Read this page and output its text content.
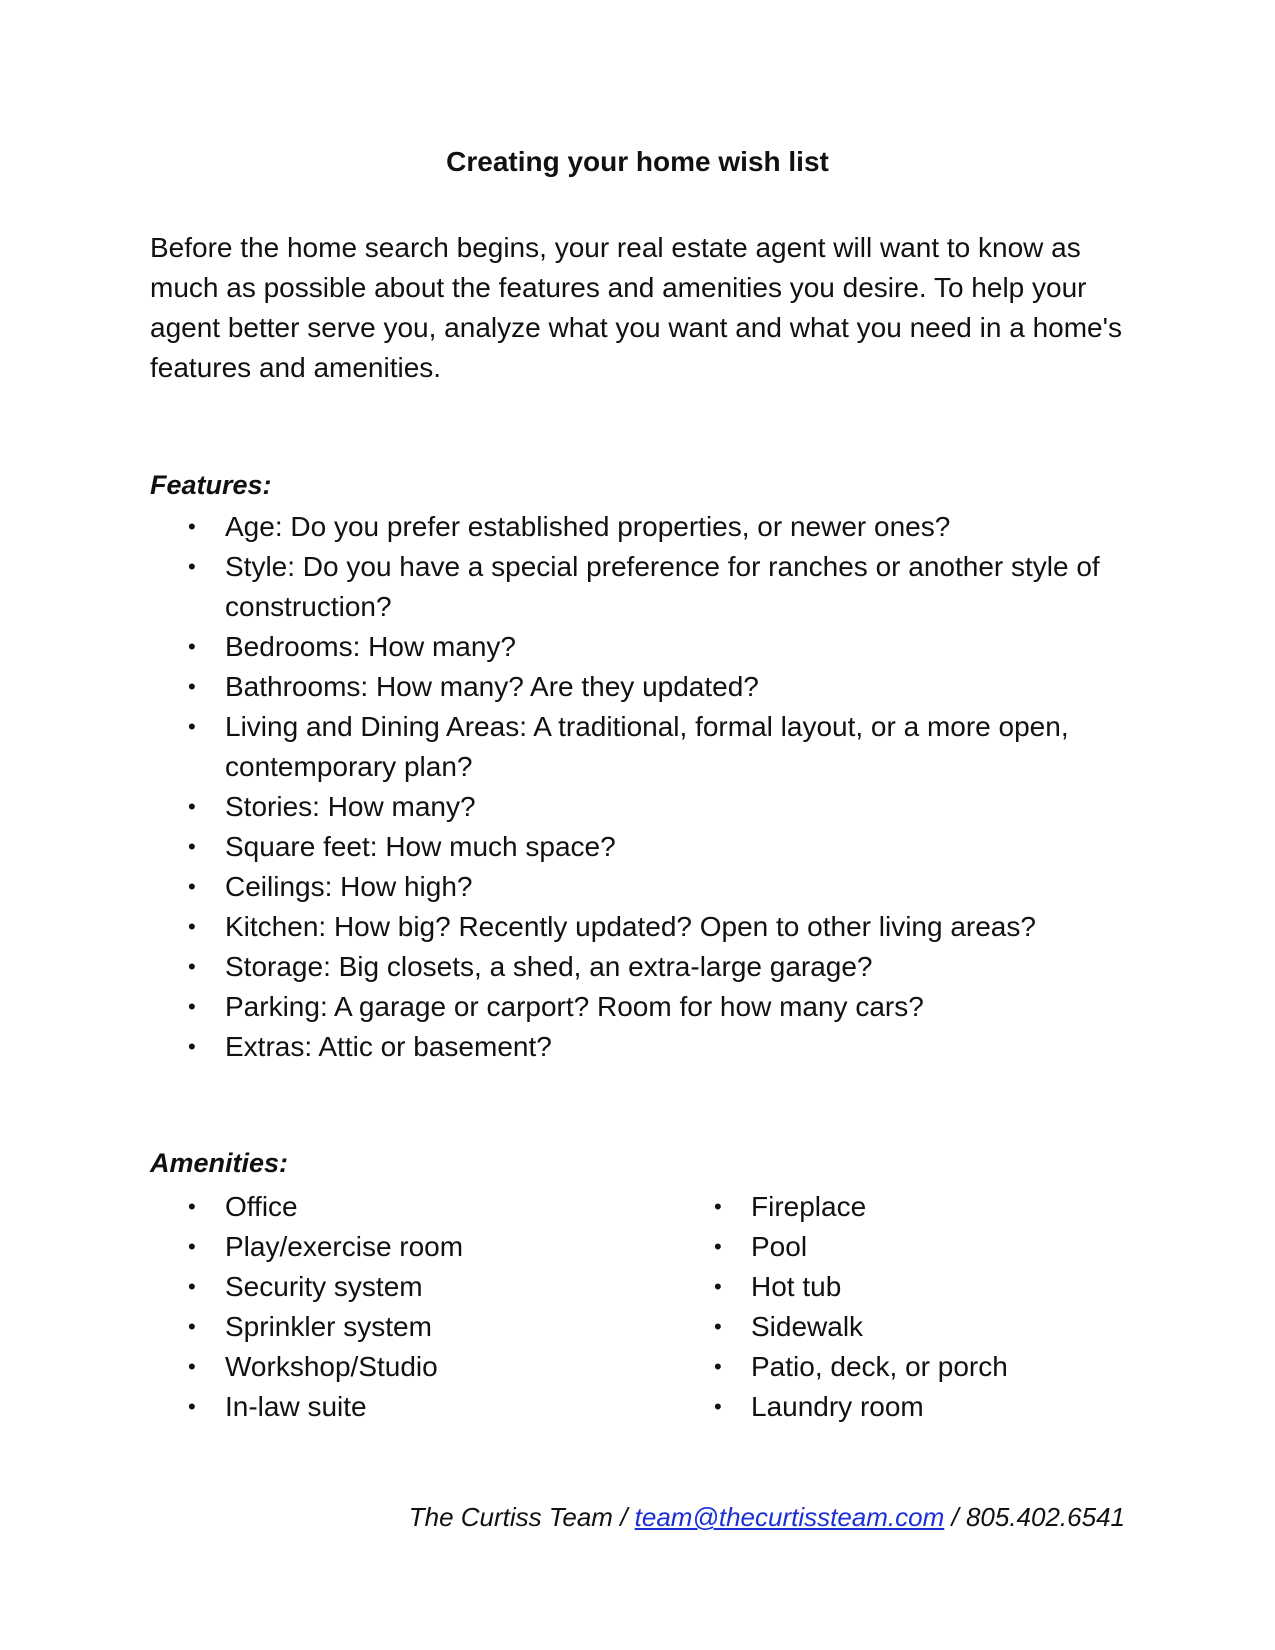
Creating your home wish list

Before the home search begins, your real estate agent will want to know as much as possible about the features and amenities you desire. To help your agent better serve you, analyze what you want and what you need in a home's features and amenities.

Features:
• Age: Do you prefer established properties, or newer ones?
• Style: Do you have a special preference for ranches or another style of construction?
• Bedrooms: How many?
• Bathrooms: How many? Are they updated?
• Living and Dining Areas: A traditional, formal layout, or a more open, contemporary plan?
• Stories: How many?
• Square feet: How much space?
• Ceilings: How high?
• Kitchen: How big? Recently updated? Open to other living areas?
• Storage: Big closets, a shed, an extra-large garage?
• Parking: A garage or carport? Room for how many cars?
• Extras: Attic or basement?
Amenities:
• Office
• Play/exercise room
• Security system
• Sprinkler system
• Workshop/Studio
• In-law suite
• Fireplace
• Pool
• Hot tub
• Sidewalk
• Patio, deck, or porch
• Laundry room

The Curtiss Team / team@thecurtissteam.com / 805.402.6541
